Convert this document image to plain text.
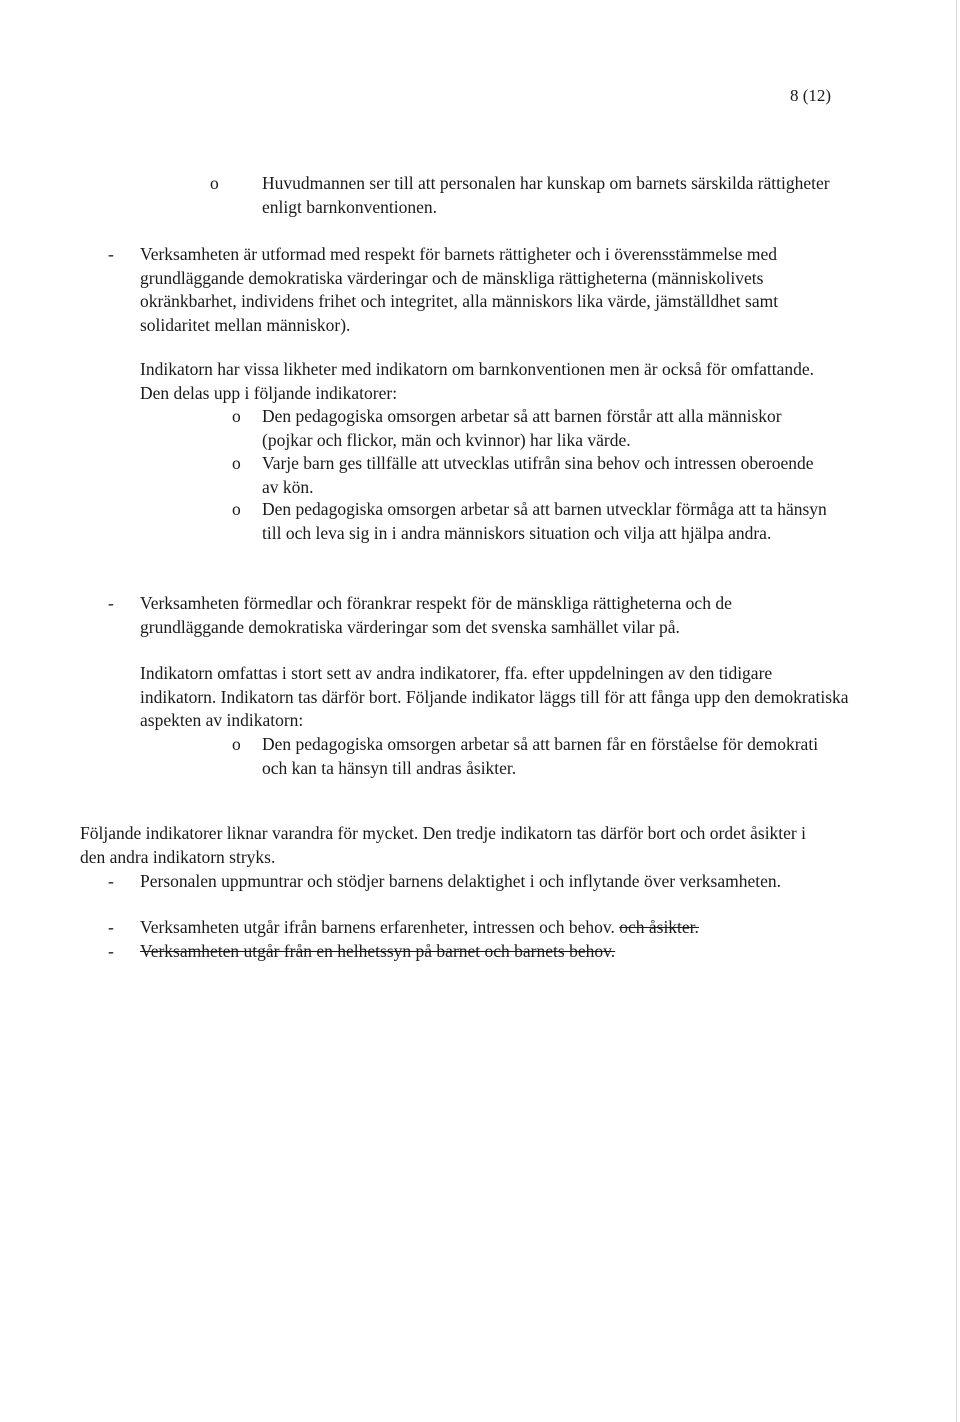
8 (12)
o Huvudmannen ser till att personalen har kunskap om barnets särskilda rättigheter enligt barnkonventionen.

- Verksamheten är utformad med respekt för barnets rättigheter och i överensstämmelse med grundläggande demokratiska värderingar och de mänskliga rättigheterna (människolivets okränkbarhet, individens frihet och integritet, alla människors lika värde, jämställdhet samt solidaritet mellan människor).

Indikatorn har vissa likheter med indikatorn om barnkonventionen men är också för omfattande. Den delas upp i följande indikatorer:

o Den pedagogiska omsorgen arbetar så att barnen förstår att alla människor (pojkar och flickor, män och kvinnor) har lika värde.

o Varje barn ges tillfälle att utvecklas utifrån sina behov och intressen oberoende av kön.

o Den pedagogiska omsorgen arbetar så att barnen utvecklar förmåga att ta hänsyn till och leva sig in i andra människors situation och vilja att hjälpa andra.

- Verksamheten förmedlar och förankrar respekt för de mänskliga rättigheterna och de grundläggande demokratiska värderingar som det svenska samhället vilar på.

Indikatorn omfattas i stort sett av andra indikatorer, ffa. efter uppdelningen av den tidigare indikatorn. Indikatorn tas därför bort. Följande indikator läggs till för att fånga upp den demokratiska aspekten av indikatorn:

o Den pedagogiska omsorgen arbetar så att barnen får en förståelse för demokrati och kan ta hänsyn till andras åsikter.

Följande indikatorer liknar varandra för mycket. Den tredje indikatorn tas därför bort och ordet åsikter i den andra indikatorn stryks.

- Personalen uppmuntrar och stödjer barnens delaktighet i och inflytande över verksamheten.

- Verksamheten utgår ifrån barnens erfarenheter, intressen och behov. och åsikter.

- Verksamheten utgår från en helhetssyn på barnet och barnets behov.
